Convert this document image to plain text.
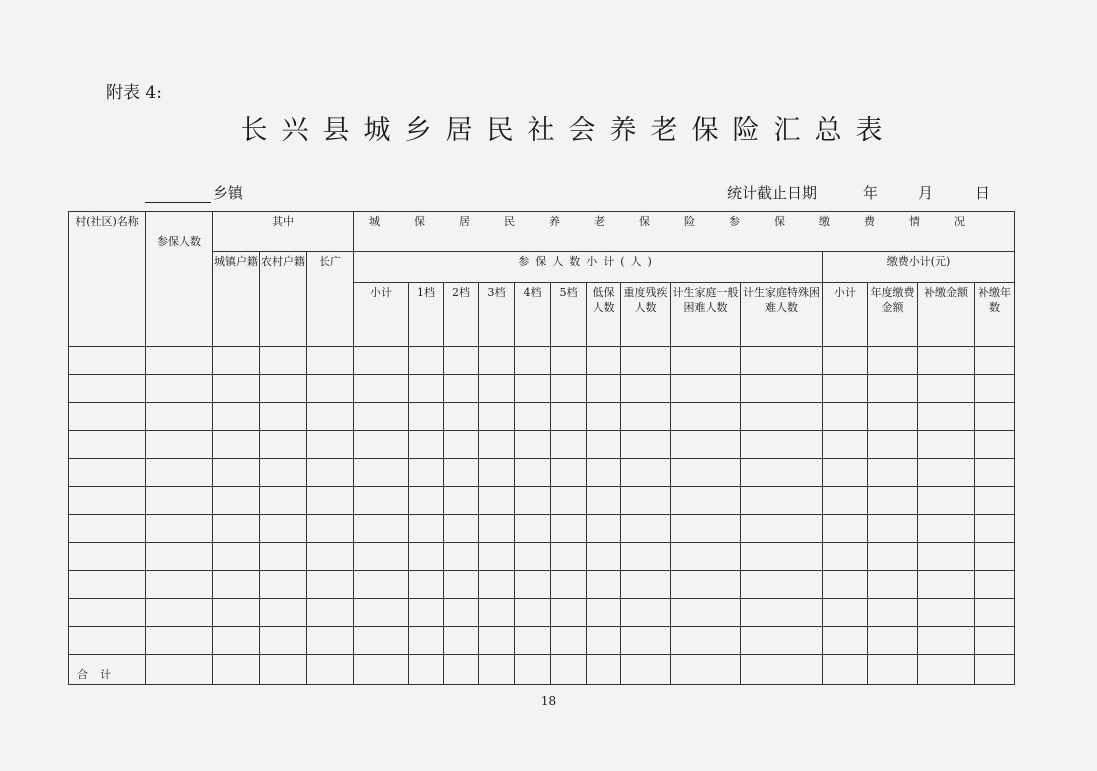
附表 4:
长兴县城乡居民社会养老保险汇总表
乡镇	统计截止日期	年	月	日
村(社区)名称	参保人数	其中			城保居民养老保险参保缴费情况													
		城镇户籍	农村户籍	长广	参保人数小计(人)										缴费小计(元)			
					小计	1档	2档	3档	4档	5档	低保人数	重度残疾人数	计生家庭一般困难人数	计生家庭特殊困难人数	小计	年度缴费金额	补缴金额	补缴年数

合计																		
18
